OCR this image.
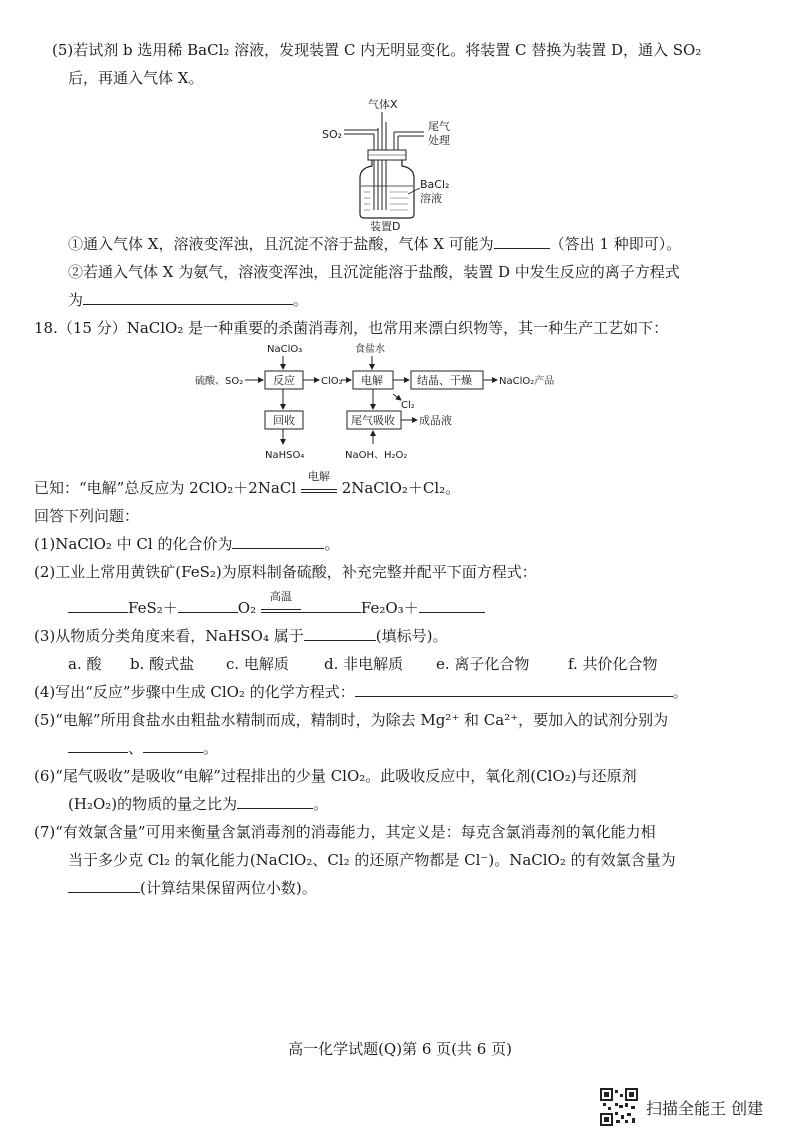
(5)若试剂 b 选用稀 BaCl₂ 溶液，发现装置 C 内无明显变化。将装置 C 替换为装置 D，通入 SO₂
后，再通入气体 X。
气体X
SO₂
尾气
处理
BaCl₂
溶液
装置D
①通入气体 X，溶液变浑浊，且沉淀不溶于盐酸，气体 X 可能为	（答出 1 种即可）。
②若通入气体 X 为氨气，溶液变浑浊，且沉淀能溶于盐酸，装置 D 中发生反应的离子方程式
为	。
18.（15 分）NaClO₂ 是一种重要的杀菌消毒剂，也常用来漂白织物等，其一种生产工艺如下：
NaClO₃	食盐水
硫酸、SO₂	反应	ClO₂ 电解	结晶、干燥	NaClO₂产品
Cl₂
回收
NaHSO₄
尾气吸收 成品液
NaOH、H₂O₂
已知：“电解”总反应为 2ClO₂＋2NaCl
电解
2NaClO₂＋Cl₂。
回答下列问题：
(1)NaClO₂ 中 Cl 的化合价为	。
(2)工业上常用黄铁矿(FeS₂)为原料制备硫酸，补充完整并配平下面方程式：
FeS₂＋	O₂
高温
Fe₂O₃＋
(3)从物质分类角度来看，NaHSO₄ 属于	(填标号)。
a. 酸 b. 酸式盐 c. 电解质 d. 非电解质 e. 离子化合物	f. 共价化合物
(4)写出“反应”步骤中生成 ClO₂ 的化学方程式：	。
(5)“电解”所用食盐水由粗盐水精制而成，精制时，为除去 Mg²⁺ 和 Ca²⁺，要加入的试剂分别为
、	。
(6)“尾气吸收”是吸收“电解”过程排出的少量 ClO₂。此吸收反应中，氧化剂(ClO₂)与还原剂
(H₂O₂)的物质的量之比为	。
(7)“有效氯含量”可用来衡量含氯消毒剂的消毒能力，其定义是：每克含氯消毒剂的氧化能力相
当于多少克 Cl₂ 的氧化能力(NaClO₂、Cl₂ 的还原产物都是 Cl⁻)。NaClO₂ 的有效氯含量为
(计算结果保留两位小数)。
高一化学试题(Q)第 6 页(共 6 页)
扫描全能王 创建
